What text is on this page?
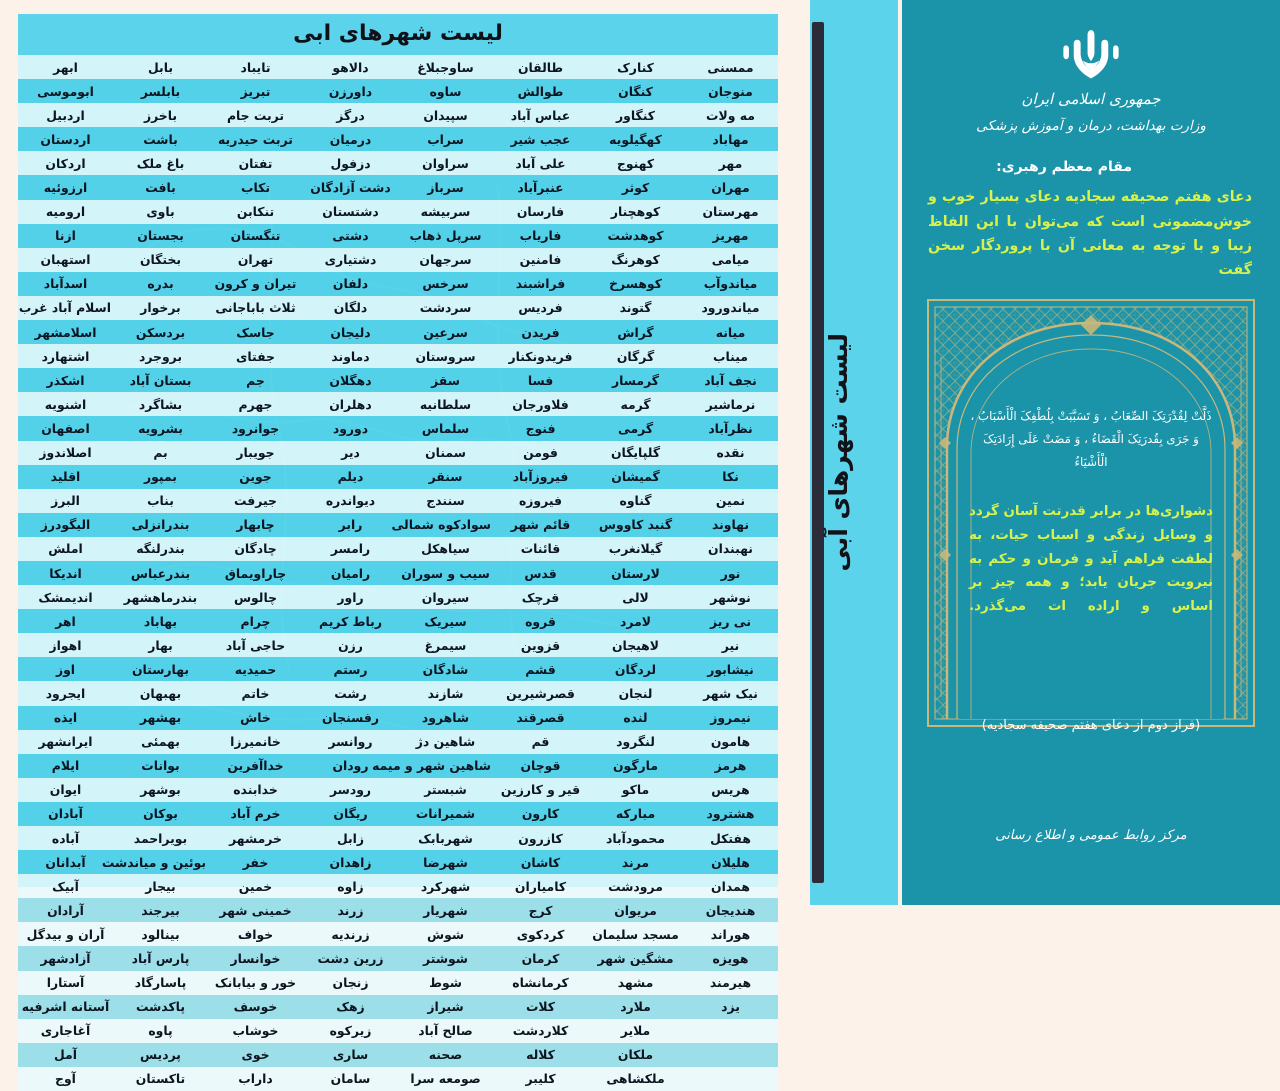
جمهوری اسلامی ایران
وزارت بهداشت، درمان و آموزش پزشکی
مقام معظم رهبری:
دعای هفتم صحیفه سجادیه دعای بسیار خوب و خوش‌مضمونی است که می‌توان با این الفاظ زیبا و با توجه به معانی آن با پروردگار سخن گفت
ذَلَّتْ لِقُدْرَتِکَ الصِّعَابُ ، وَ تَسَبَّبَتْ بِلُطْفِکَ الْأَسْبَابُ ، وَ جَرَى بِقُدرَتِکَ الْقَضَاءُ ، وَ مَضَتْ عَلَى إِرَادَتِکَ الْأَشْیَاءُ
دشواری‌ها در برابر قدرتت آسان گردد و وسایل زندگی و اسباب حیات، به لطفت فراهم آید و فرمان و حکم به نیرویت جریان یابد؛ و همه چیز بر اساس و اراده ات می‌گذرد.
(فراز دوم از دعای هفتم صحیفه سجادیه)
مرکز روابط عمومی و اطلاع رسانی
لیست شهرهای آبی
لیست شهرهای ابی
ممسنی	کنارک	طالقان	ساوجبلاغ	دالاهو	تایباد	بابل	ابهر
منوجان	کنگان	طوالش	ساوه	داورزن	تبریز	بابلسر	ابوموسی
مه ولات	کنگاور	عباس آباد	سپیدان	درگز	تربت جام	باخرز	اردبیل
مهاباد	کهگیلویه	عجب شیر	سراب	درمیان	تربت حیدریه	باشت	اردستان
مهر	کهنوج	علی آباد	سراوان	دزفول	تفتان	باغ ملک	اردکان
مهران	کوثر	عنبرآباد	سرباز	دشت آزادگان	تکاب	بافت	ارزوئیه
مهرستان	کوهچنار	فارسان	سربیشه	دشتستان	تنکابن	باوی	ارومیه
مهریز	کوهدشت	فاریاب	سرپل ذهاب	دشتی	تنگستان	بجستان	ازنا
میامی	کوهرنگ	فامنین	سرجهان	دشتیاری	تهران	بختگان	استهبان
میاندوآب	کوهسرخ	فراشبند	سرخس	دلفان	تیران و کرون	بدره	اسدآباد
میاندورود	گتوند	فردیس	سردشت	دلگان	ثلاث باباجانی	برخوار	اسلام آباد غرب
میانه	گراش	فریدن	سرعین	دلیجان	جاسک	بردسکن	اسلامشهر
میناب	گرگان	فریدونکنار	سروستان	دماوند	جفتای	بروجرد	اشتهارد
نجف آباد	گرمسار	فسا	سقز	دهگلان	جم	بستان آباد	اشکذر
نرماشیر	گرمه	فلاورجان	سلطانیه	دهلران	جهرم	بشاگرد	اشنویه
نظرآباد	گرمی	فنوج	سلماس	دورود	جوانرود	بشرویه	اصفهان
نقده	گلپایگان	فومن	سمنان	دیر	جویبار	بم	اصلاندوز
نکا	گمیشان	فیروزآباد	سنقر	دیلم	جوین	بمپور	اقلید
نمین	گناوه	فیروزه	سنندج	دیواندره	جیرفت	بناب	البرز
نهاوند	گنبد کاووس	قائم شهر	سوادکوه شمالی	رابر	چابهار	بندرانزلی	الیگودرز
نهبندان	گیلانغرب	قائنات	سیاهکل	رامسر	چادگان	بندرلنگه	املش
نور	لارستان	قدس	سیب و سوران	رامیان	چاراویماق	بندرعباس	اندیکا
نوشهر	لالی	قرچک	سیروان	راور	چالوس	بندرماهشهر	اندیمشک
نی ریز	لامرد	قروه	سیریک	رباط کریم	چرام	بهاباد	اهر
نیر	لاهیجان	قزوین	سیمرغ	رزن	حاجی آباد	بهار	اهواز
نیشابور	لردگان	قشم	شادگان	رستم	حمیدیه	بهارستان	اوز
نیک شهر	لنجان	قصرشیرین	شازند	رشت	خاتم	بهبهان	ایجرود
نیمروز	لنده	قصرقند	شاهرود	رفسنجان	خاش	بهشهر	ایذه
هامون	لنگرود	قم	شاهین دژ	روانسر	خانمیرزا	بهمئی	ایرانشهر
هرمز	مارگون	قوچان	شاهین شهر و میمه	رودان	خداآفرین	بوانات	ایلام
هریس	ماکو	قیر و کارزین	شبستر	رودسر	خدابنده	بوشهر	ایوان
هشترود	مبارکه	کارون	شمیرانات	ریگان	خرم آباد	بوکان	آبادان
هفتکل	محمودآباد	کازرون	شهربابک	زابل	خرمشهر	بویراحمد	آباده
هلیلان	مرند	کاشان	شهرضا	زاهدان	خفر	بوئین و میاندشت	آبدانان
همدان	مرودشت	کامیاران	شهرکرد	زاوه	خمین	بیجار	آبیک
هندیجان	مریوان	کرج	شهریار	زرند	خمینی شهر	بیرجند	آرادان
هوراند	مسجد سلیمان	کردکوی	شوش	زرندیه	خواف	بینالود	آران و بیدگل
هویزه	مشگین شهر	کرمان	شوشتر	زرین دشت	خوانسار	پارس آباد	آزادشهر
هیرمند	مشهد	کرمانشاه	شوط	زنجان	خور و بیابانک	پاسارگاد	آستارا
یزد	ملارد	کلات	شیراز	زهک	خوسف	پاکدشت	آستانه اشرفیه
	ملایر	کلاردشت	صالح آباد	زیرکوه	خوشاب	پاوه	آغاجاری
	ملکان	کلاله	صحنه	ساری	خوی	پردیس	آمل
	ملکشاهی	کلیبر	صومعه سرا	سامان	داراب	تاکستان	آوج
